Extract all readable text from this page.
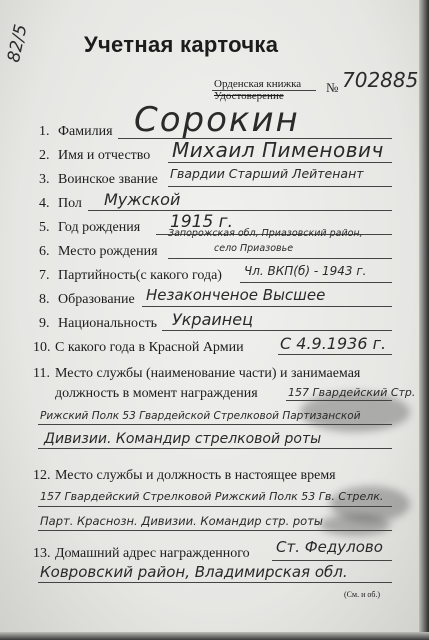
82/5 Учетная карточка
Орденская книжка
Удостоверение
№ 702885
1. Фамилия Сорокин
2. Имя и отчество Михаил Пименович
3. Воинское звание Гвардии Старший Лейтенант
4. Пол Мужской
5. Год рождения 1915 г.
6. Место рождения
Запорожская обл, Приазовский район,
село Приазовье
7. Партийность(с какого года) Чл. ВКП(б) - 1943 г.
8. Образование Незаконченое Высшее
9. Национальность Украинец
10. С какого года в Красной Армии С 4.9.1936 г.
11. Место службы (наименование части) и занимаемая
должность в момент награждения	157 Гвардейский Стр.
Рижский Полк 53 Гвардейской Стрелковой Партизанской
Дивизии. Командир стрелковой роты
12. Место службы и должность в настоящее время
157 Гвардейский Стрелковой Рижский Полк 53 Гв. Стрелк.
Парт. Краснозн. Дивизии. Командир стр. роты
13. Домашний адрес награжденного Ст. Федулово
Ковровский район, Владимирская обл.
(См. и об.)
